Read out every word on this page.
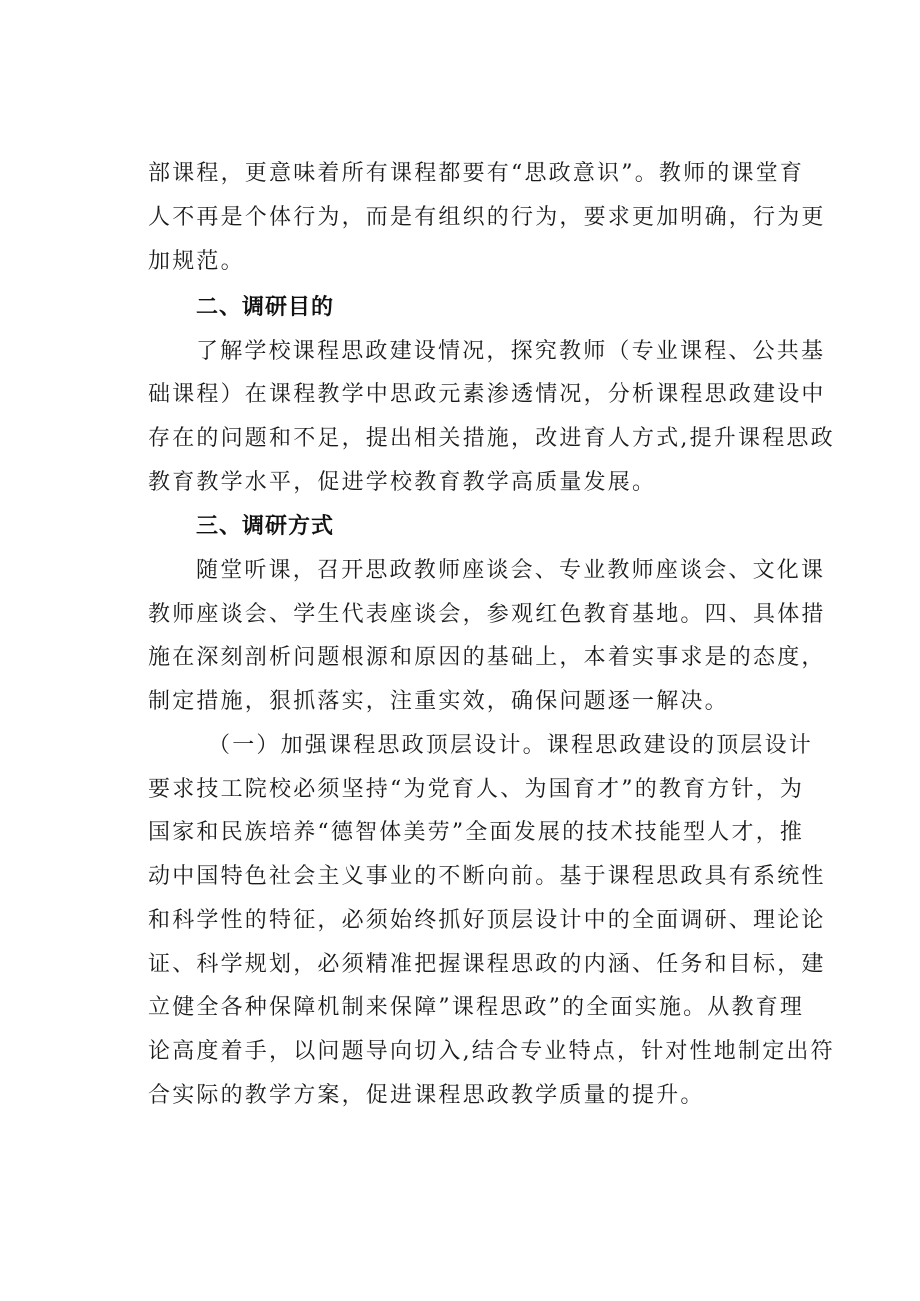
部课程，更意味着所有课程都要有“思政意识”。教师的课堂育
人不再是个体行为，而是有组织的行为，要求更加明确，行为更
加规范。
二、调研目的
了解学校课程思政建设情况，探究教师（专业课程、公共基
础课程）在课程教学中思政元素渗透情况，分析课程思政建设中
存在的问题和不足，提出相关措施，改进育人方式,提升课程思政
教育教学水平，促进学校教育教学高质量发展。
三、调研方式
随堂听课，召开思政教师座谈会、专业教师座谈会、文化课
教师座谈会、学生代表座谈会，参观红色教育基地。四、具体措
施在深刻剖析问题根源和原因的基础上，本着实事求是的态度，
制定措施，狠抓落实，注重实效，确保问题逐一解决。
（一）加强课程思政顶层设计。课程思政建设的顶层设计
要求技工院校必须坚持“为党育人、为国育才”的教育方针，为
国家和民族培养“德智体美劳”全面发展的技术技能型人才，推
动中国特色社会主义事业的不断向前。基于课程思政具有系统性
和科学性的特征，必须始终抓好顶层设计中的全面调研、理论论
证、科学规划，必须精准把握课程思政的内涵、任务和目标，建
立健全各种保障机制来保障”课程思政”的全面实施。从教育理
论高度着手，以问题导向切入,结合专业特点，针对性地制定出符
合实际的教学方案，促进课程思政教学质量的提升。
